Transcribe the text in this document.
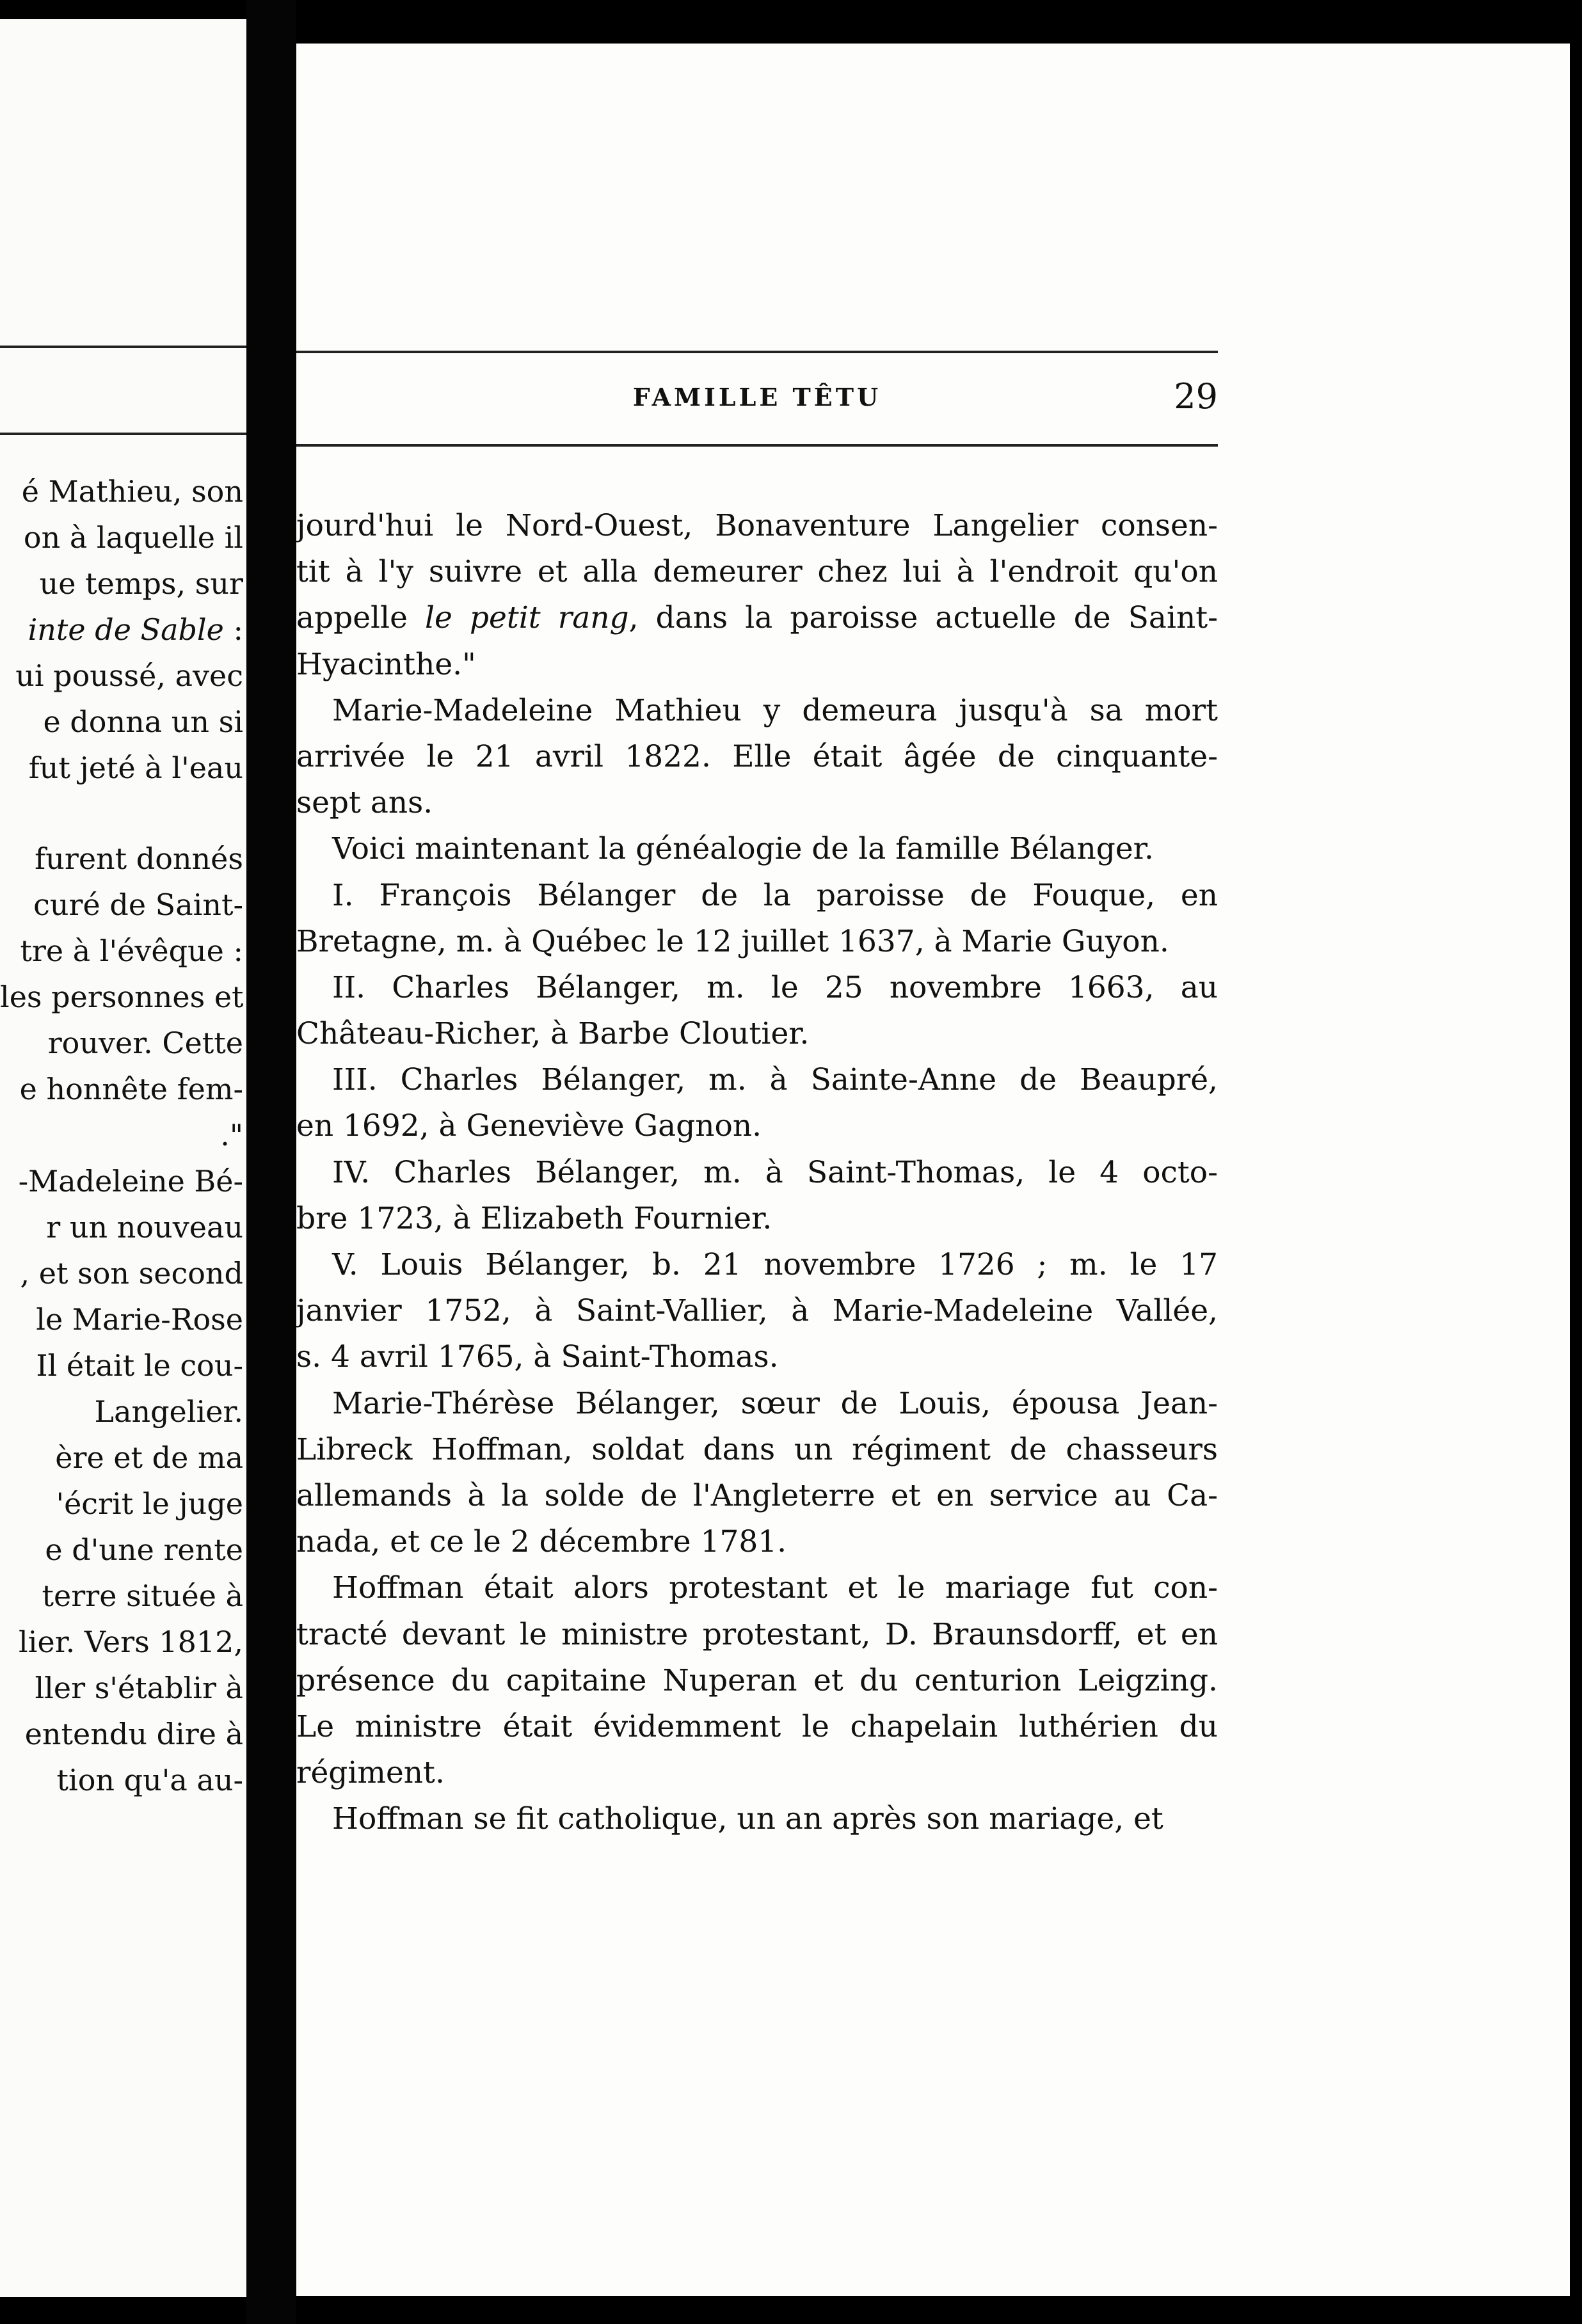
é Mathieu, son
on à laquelle il
ue temps, sur
inte de Sable :
ui poussé, avec
e donna un si
fut jeté à l'eau
furent donnés
curé de Saint-
tre à l'évêque :
les personnes et
rouver. Cette
e honnête fem-
."
-Madeleine Bé-
r un nouveau
, et son second
le Marie-Rose
Il était le cou-
Langelier.
ère et de ma
'écrit le juge
e d'une rente
terre située à
lier. Vers 1812,
ller s'établir à
entendu dire à
tion qu'a au-
FAMILLE TÊTU	29
jourd'hui le Nord-Ouest, Bonaventure Langelier consen-
tit à l'y suivre et alla demeurer chez lui à l'endroit qu'on
appelle le petit rang, dans la paroisse actuelle de Saint-
Hyacinthe."
Marie-Madeleine Mathieu y demeura jusqu'à sa mort
arrivée le 21 avril 1822. Elle était âgée de cinquante-
sept ans.
Voici maintenant la généalogie de la famille Bélanger.
I. François Bélanger de la paroisse de Fouque, en
Bretagne, m. à Québec le 12 juillet 1637, à Marie Guyon.
II. Charles Bélanger, m. le 25 novembre 1663, au
Château-Richer, à Barbe Cloutier.
III. Charles Bélanger, m. à Sainte-Anne de Beaupré,
en 1692, à Geneviève Gagnon.
IV. Charles Bélanger, m. à Saint-Thomas, le 4 octo-
bre 1723, à Elizabeth Fournier.
V. Louis Bélanger, b. 21 novembre 1726 ; m. le 17
janvier 1752, à Saint-Vallier, à Marie-Madeleine Vallée,
s. 4 avril 1765, à Saint-Thomas.
Marie-Thérèse Bélanger, sœur de Louis, épousa Jean-
Libreck Hoffman, soldat dans un régiment de chasseurs
allemands à la solde de l'Angleterre et en service au Ca-
nada, et ce le 2 décembre 1781.
Hoffman était alors protestant et le mariage fut con-
tracté devant le ministre protestant, D. Braunsdorff, et en
présence du capitaine Nuperan et du centurion Leigzing.
Le ministre était évidemment le chapelain luthérien du
régiment.
Hoffman se fit catholique, un an après son mariage, et
